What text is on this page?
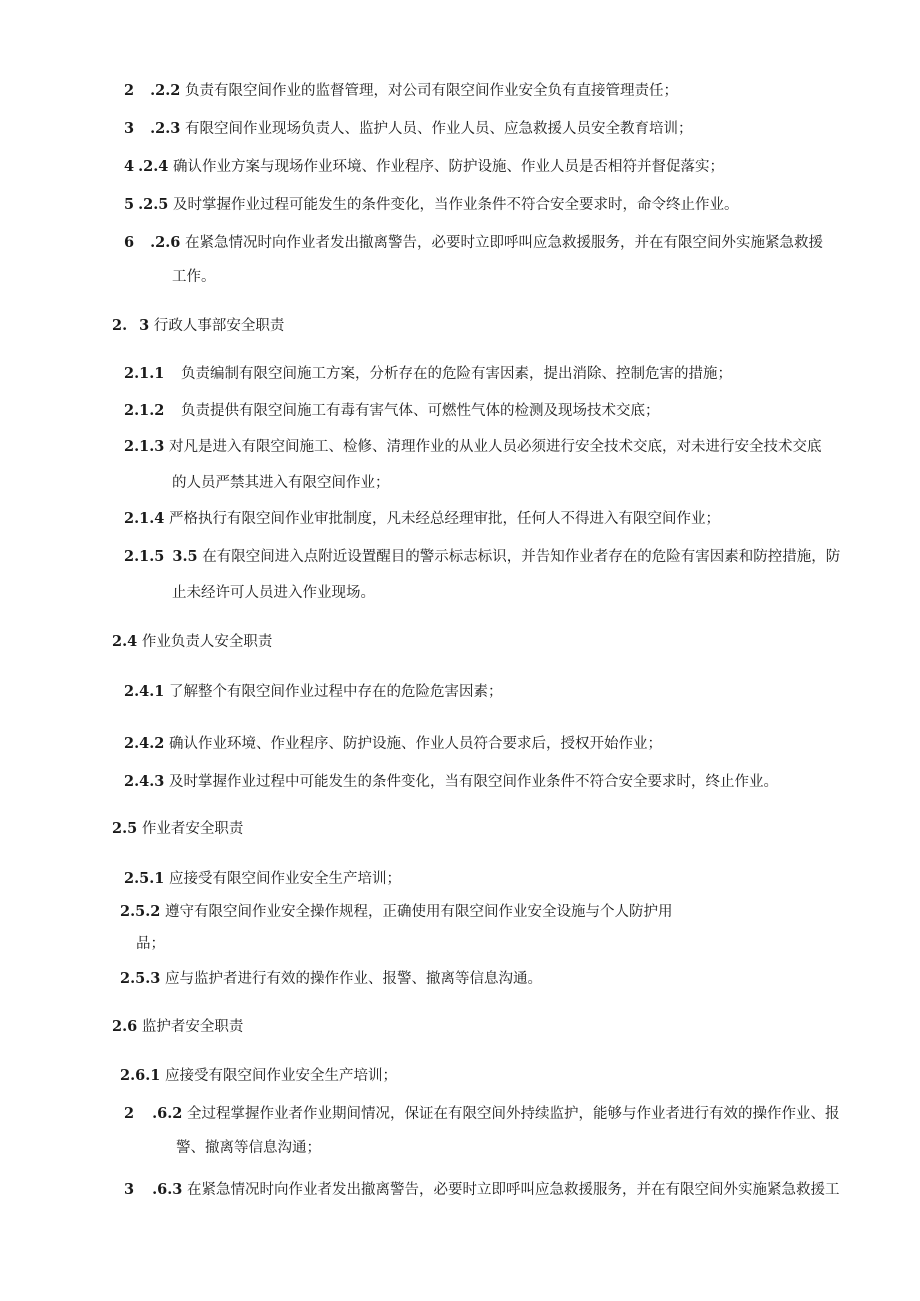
2 .2.2 负责有限空间作业的监督管理，对公司有限空间作业安全负有直接管理责任；
3 .2.3 有限空间作业现场负责人、监护人员、作业人员、应急救援人员安全教育培训；
4 .2.4 确认作业方案与现场作业环境、作业程序、防护设施、作业人员是否相符并督促落实；
5 .2.5 及时掌握作业过程可能发生的条件变化，当作业条件不符合安全要求时，命令终止作业。
6 .2.6 在紧急情况时向作业者发出撤离警告，必要时立即呼叫应急救援服务，并在有限空间外实施紧急救援
工作。
2. 3 行政人事部安全职责
2.1.1 负责编制有限空间施工方案，分析存在的危险有害因素，提出消除、控制危害的措施；
2.1.2 负责提供有限空间施工有毒有害气体、可燃性气体的检测及现场技术交底；
2.1.3 对凡是进入有限空间施工、检修、清理作业的从业人员必须进行安全技术交底，对未进行安全技术交底
的人员严禁其进入有限空间作业；
2.1.4 严格执行有限空间作业审批制度，凡未经总经理审批，任何人不得进入有限空间作业；
2.1.5 3.5 在有限空间进入点附近设置醒目的警示标志标识，并告知作业者存在的危险有害因素和防控措施，防
止未经许可人员进入作业现场。
2.4 作业负责人安全职责
2.4.1 了解整个有限空间作业过程中存在的危险危害因素；
2.4.2 确认作业环境、作业程序、防护设施、作业人员符合要求后，授权开始作业；
2.4.3 及时掌握作业过程中可能发生的条件变化，当有限空间作业条件不符合安全要求时，终止作业。
2.5 作业者安全职责
2.5.1 应接受有限空间作业安全生产培训；
2.5.2 遵守有限空间作业安全操作规程，正确使用有限空间作业安全设施与个人防护用
品；
2.5.3 应与监护者进行有效的操作作业、报警、撤离等信息沟通。
2.6 监护者安全职责
2.6.1 应接受有限空间作业安全生产培训；
2 .6.2 全过程掌握作业者作业期间情况，保证在有限空间外持续监护，能够与作业者进行有效的操作作业、报
警、撤离等信息沟通；
3 .6.3 在紧急情况时向作业者发出撤离警告，必要时立即呼叫应急救援服务，并在有限空间外实施紧急救援工
